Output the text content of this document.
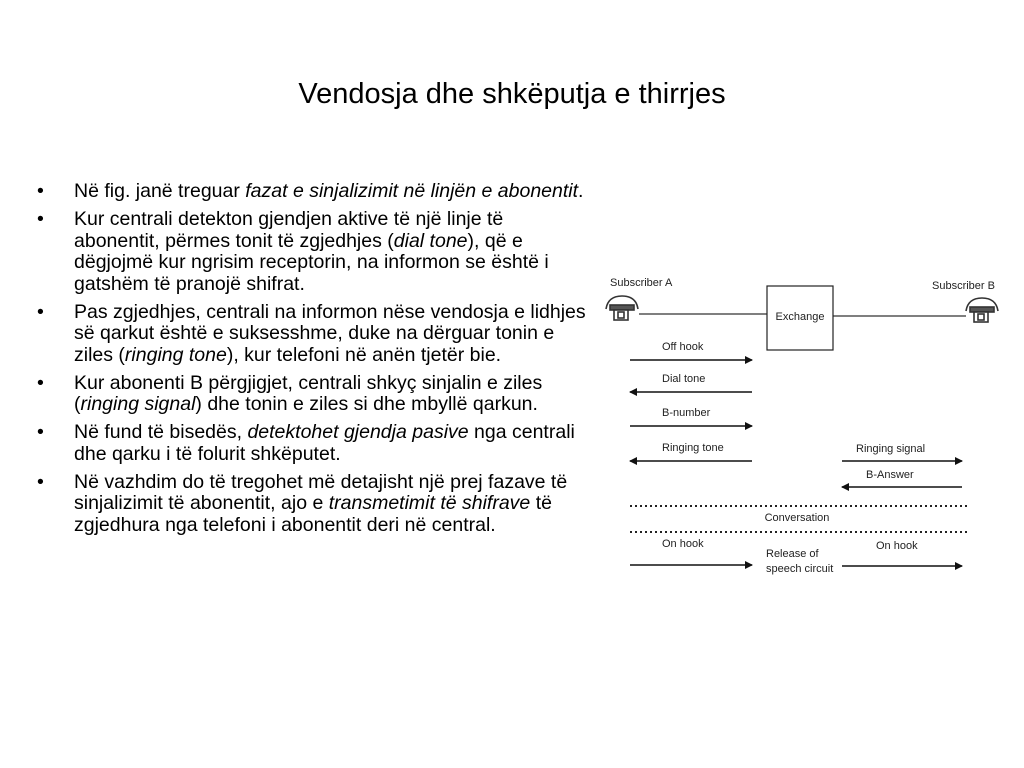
Vendosja dhe shkëputja e thirrjes
• Në fig. janë treguar fazat e sinjalizimit në linjën e abonentit.
• Kur centrali detekton gjendjen aktive të një linje të abonentit, përmes tonit të zgjedhjes (dial tone), që e dëgjojmë kur ngrisim receptorin, na informon se është i gatshëm të pranojë shifrat.
• Pas zgjedhjes, centrali na informon nëse vendosja e lidhjes së qarkut është e suksesshme, duke na dërguar tonin e ziles (ringing tone), kur telefoni në anën tjetër bie.
• Kur abonenti B përgjigjet, centrali shkyç sinjalin e ziles (ringing signal) dhe tonin e ziles si dhe mbyllë qarkun.
• Në fund të bisedës, detektohet gjendja pasive nga centrali dhe qarku i të folurit shkëputet.
• Në vazhdim do të tregohet më detajisht një prej fazave të sinjalizimit të abonentit, ajo e transmetimit të shifrave të zgjedhura nga telefoni i abonentit deri në central.
Subscriber A	Subscriber B
Exchange
Off hook
Dial tone
B-number
Ringing tone	Ringing signal
B-Answer
Conversation
On hook
Release of
speech circuit
On hook
